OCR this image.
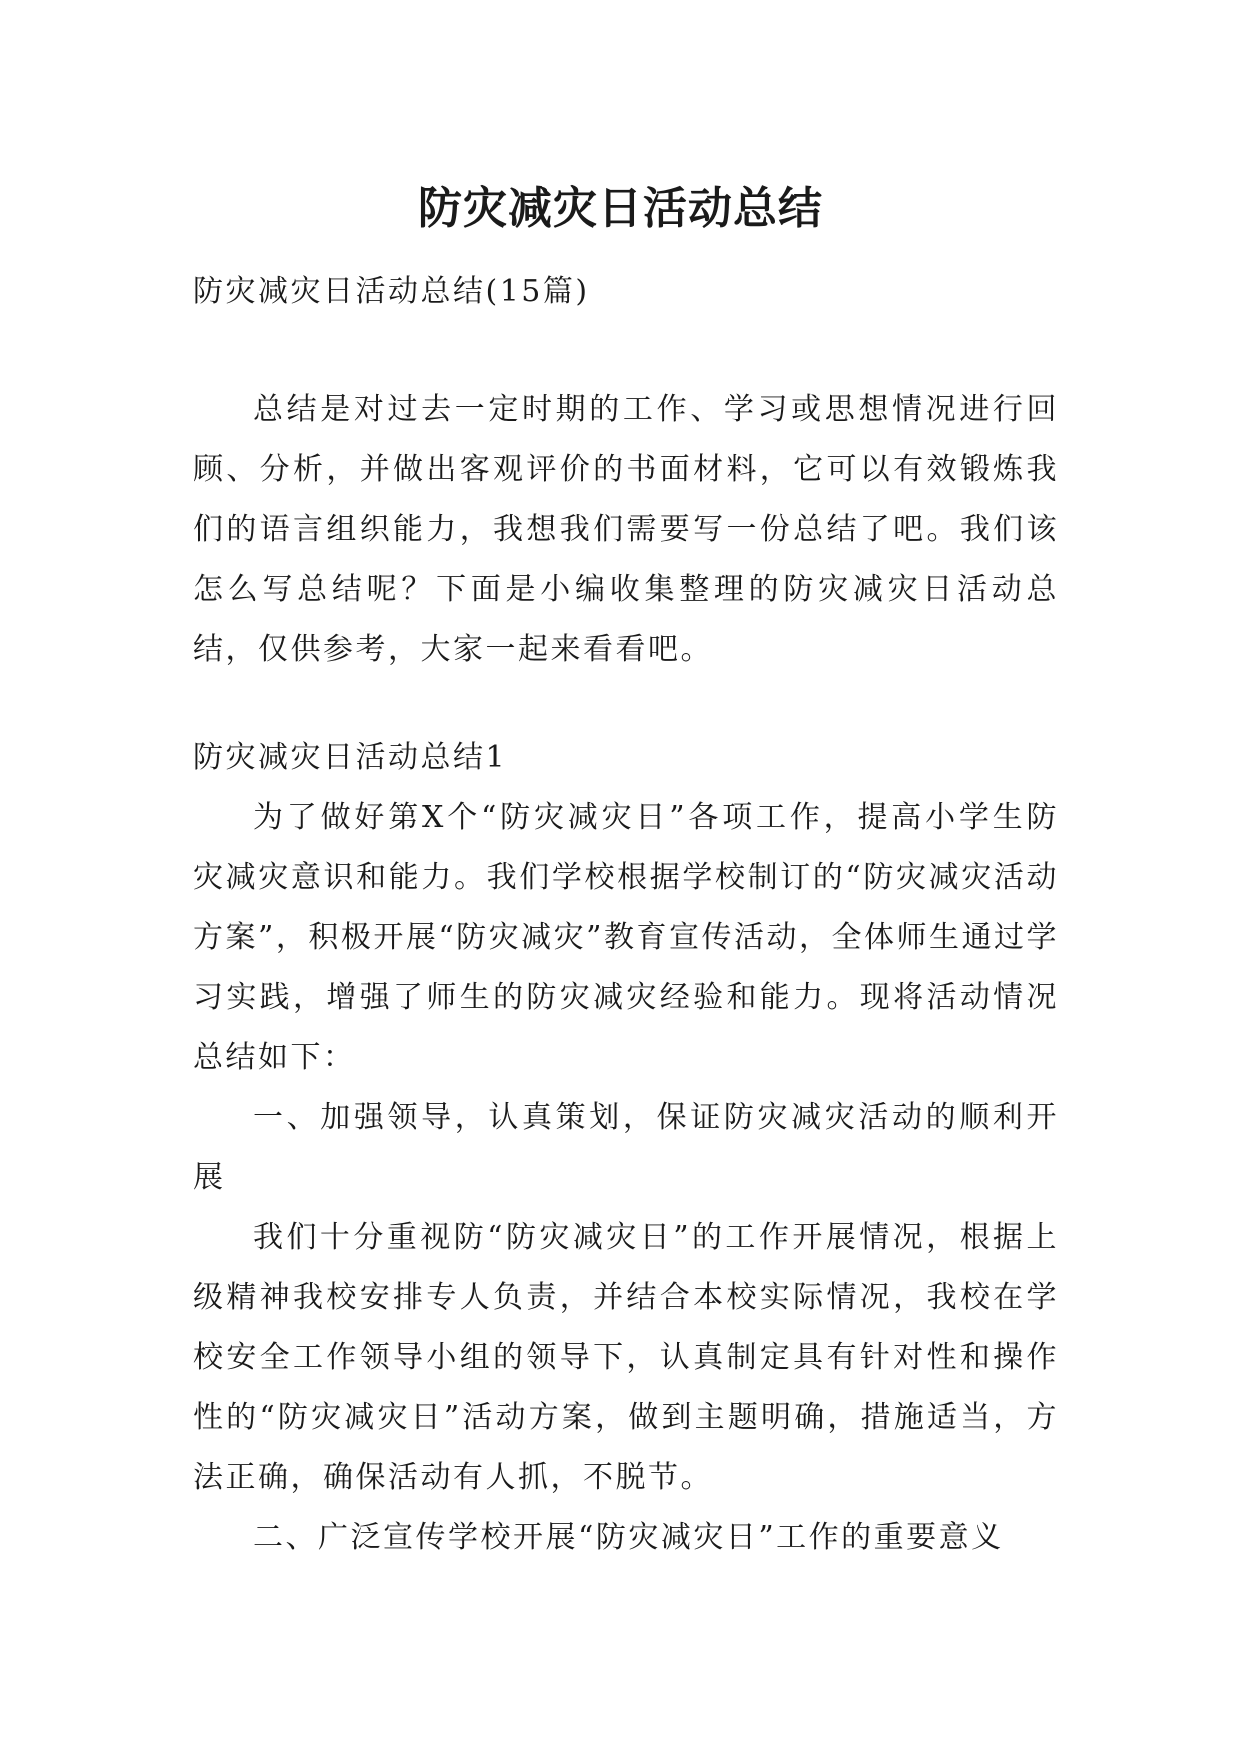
防灾减灾日活动总结

防灾减灾日活动总结(15篇)

总结是对过去一定时期的工作、学习或思想情况进行回顾、分析，并做出客观评价的书面材料，它可以有效锻炼我们的语言组织能力，我想我们需要写一份总结了吧。我们该怎么写总结呢？下面是小编收集整理的防灾减灾日活动总结，仅供参考，大家一起来看看吧。

防灾减灾日活动总结1

为了做好第X个“防灾减灾日”各项工作，提高小学生防灾减灾意识和能力。我们学校根据学校制订的“防灾减灾活动方案”，积极开展“防灾减灾”教育宣传活动，全体师生通过学习实践，增强了师生的防灾减灾经验和能力。现将活动情况总结如下：

一、加强领导，认真策划，保证防灾减灾活动的顺利开展

我们十分重视防“防灾减灾日”的工作开展情况，根据上级精神我校安排专人负责，并结合本校实际情况，我校在学校安全工作领导小组的领导下，认真制定具有针对性和操作性的“防灾减灾日”活动方案，做到主题明确，措施适当，方法正确，确保活动有人抓，不脱节。

二、广泛宣传学校开展“防灾减灾日”工作的重要意义
